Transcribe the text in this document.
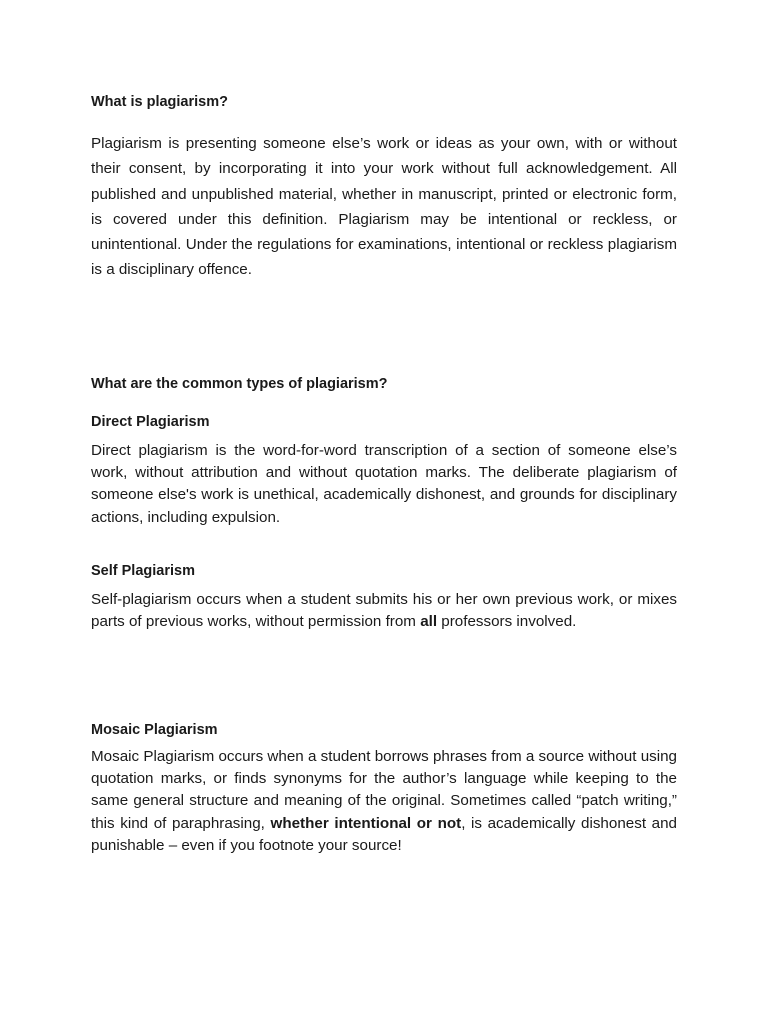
What is plagiarism?

Plagiarism is presenting someone else’s work or ideas as your own, with or without their consent, by incorporating it into your work without full acknowledgement. All published and unpublished material, whether in manuscript, printed or electronic form, is covered under this definition. Plagiarism may be intentional or reckless, or unintentional. Under the regulations for examinations, intentional or reckless plagiarism is a disciplinary offence.

What are the common types of plagiarism?
Direct Plagiarism

Direct plagiarism is the word-for-word transcription of a section of someone else’s work, without attribution and without quotation marks. The deliberate plagiarism of someone else's work is unethical, academically dishonest, and grounds for disciplinary actions, including expulsion.

Self Plagiarism

Self-plagiarism occurs when a student submits his or her own previous work, or mixes parts of previous works, without permission from all professors involved.

Mosaic Plagiarism

Mosaic Plagiarism occurs when a student borrows phrases from a source without using quotation marks, or finds synonyms for the author’s language while keeping to the same general structure and meaning of the original. Sometimes called “patch writing,” this kind of paraphrasing, whether intentional or not, is academically dishonest and punishable – even if you footnote your source!
